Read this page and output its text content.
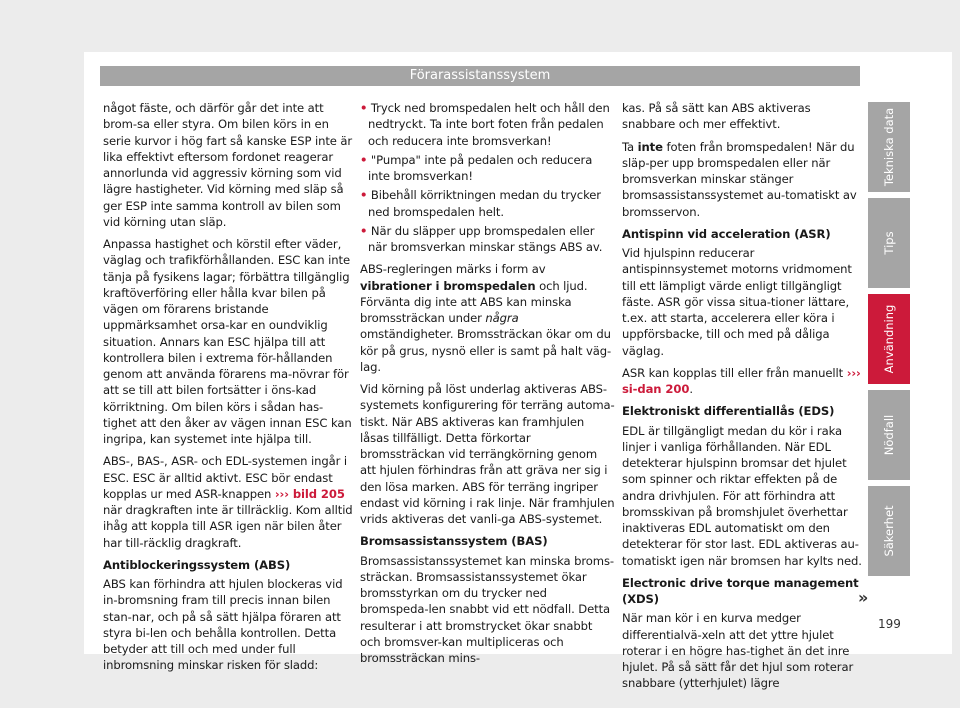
Förarassistanssystem

något fäste, och därför går det inte att brom-sa eller styra. Om bilen körs in en serie kurvor i hög fart så kanske ESP inte är lika effektivt eftersom fordonet reagerar annorlunda vid aggressiv körning som vid lägre hastigheter. Vid körning med släp så ger ESP inte samma kontroll av bilen som vid körning utan släp.

Anpassa hastighet och körstil efter väder, väglag och trafikförhållanden. ESC kan inte tänja på fysikens lagar; förbättra tillgänglig kraftöverföring eller hålla kvar bilen på vägen om förarens bristande uppmärksamhet orsa-kar en oundviklig situation. Annars kan ESC hjälpa till att kontrollera bilen i extrema för-hållanden genom att använda förarens ma-növrar för att se till att bilen fortsätter i öns-kad körriktning. Om bilen körs i sådan has-tighet att den åker av vägen innan ESC kan ingripa, kan systemet inte hjälpa till.

ABS-, BAS-, ASR- och EDL-systemen ingår i ESC. ESC är alltid aktivt. ESC bör endast kopplas ur med ASR-knappen ››› bild 205 när dragkraften inte är tillräcklig. Kom alltid ihåg att koppla till ASR igen när bilen åter har till-räcklig dragkraft.

Antiblockeringssystem (ABS)

ABS kan förhindra att hjulen blockeras vid in-bromsning fram till precis innan bilen stan-nar, och på så sätt hjälpa föraren att styra bi-len och behålla kontrollen. Detta betyder att till och med under full inbromsning minskar risken för sladd:

• Tryck ned bromspedalen helt och håll den nedtryckt. Ta inte bort foten från pedalen och reducera inte bromsverkan!

• "Pumpa" inte på pedalen och reducera inte bromsverkan!

• Bibehåll körriktningen medan du trycker ned bromspedalen helt.

• När du släpper upp bromspedalen eller när bromsverkan minskar stängs ABS av.

ABS-regleringen märks i form av vibrationer i bromspedalen och ljud. Förvänta dig inte att ABS kan minska bromssträckan under några omständigheter. Bromssträckan ökar om du kör på grus, nysnö eller is samt på halt väg-lag.

Vid körning på löst underlag aktiveras ABS-systemets konfigurering för terräng automa-tiskt. När ABS aktiveras kan framhjulen låsas tillfälligt. Detta förkortar bromssträckan vid terrängkörning genom att hjulen förhindras från att gräva ner sig i den lösa marken. ABS för terräng ingriper endast vid körning i rak linje. När framhjulen vrids aktiveras det vanli-ga ABS-systemet.

Bromsassistanssystem (BAS)

Bromsassistanssystemet kan minska broms-sträckan. Bromsassistanssystemet ökar bromsstyrkan om du trycker ned bromspeda-len snabbt vid ett nödfall. Detta resulterar i att bromstrycket ökar snabbt och bromsver-kan multipliceras och bromssträckan mins-

kas. På så sätt kan ABS aktiveras snabbare och mer effektivt.

Ta inte foten från bromspedalen! När du släp-per upp bromspedalen eller när bromsverkan minskar stänger bromsassistanssystemet au-tomatiskt av bromsservon.

Antispinn vid acceleration (ASR)

Vid hjulspinn reducerar antispinnsystemet motorns vridmoment till ett lämpligt värde enligt tillgängligt fäste. ASR gör vissa situa-tioner lättare, t.ex. att starta, accelerera eller köra i uppförsbacke, till och med på dåliga väglag.

ASR kan kopplas till eller från manuellt ››› si-dan 200.

Elektroniskt differentiallås (EDS)

EDL är tillgängligt medan du kör i raka linjer i vanliga förhållanden. När EDL detekterar hjulspinn bromsar det hjulet som spinner och riktar effekten på de andra drivhjulen. För att förhindra att bromsskivan på bromshjulet överhettar inaktiveras EDL automatiskt om den detekterar för stor last. EDL aktiveras au-tomatiskt igen när bromsen har kylts ned.

Electronic drive torque management (XDS)

När man kör i en kurva medger differentialvä-xeln att det yttre hjulet roterar i en högre has-tighet än det inre hjulet. På så sätt får det hjul som roterar snabbare (ytterhjulet) lägre

Tekniska data
Tips
Användning
Nödfall
Säkerhet
»
199
